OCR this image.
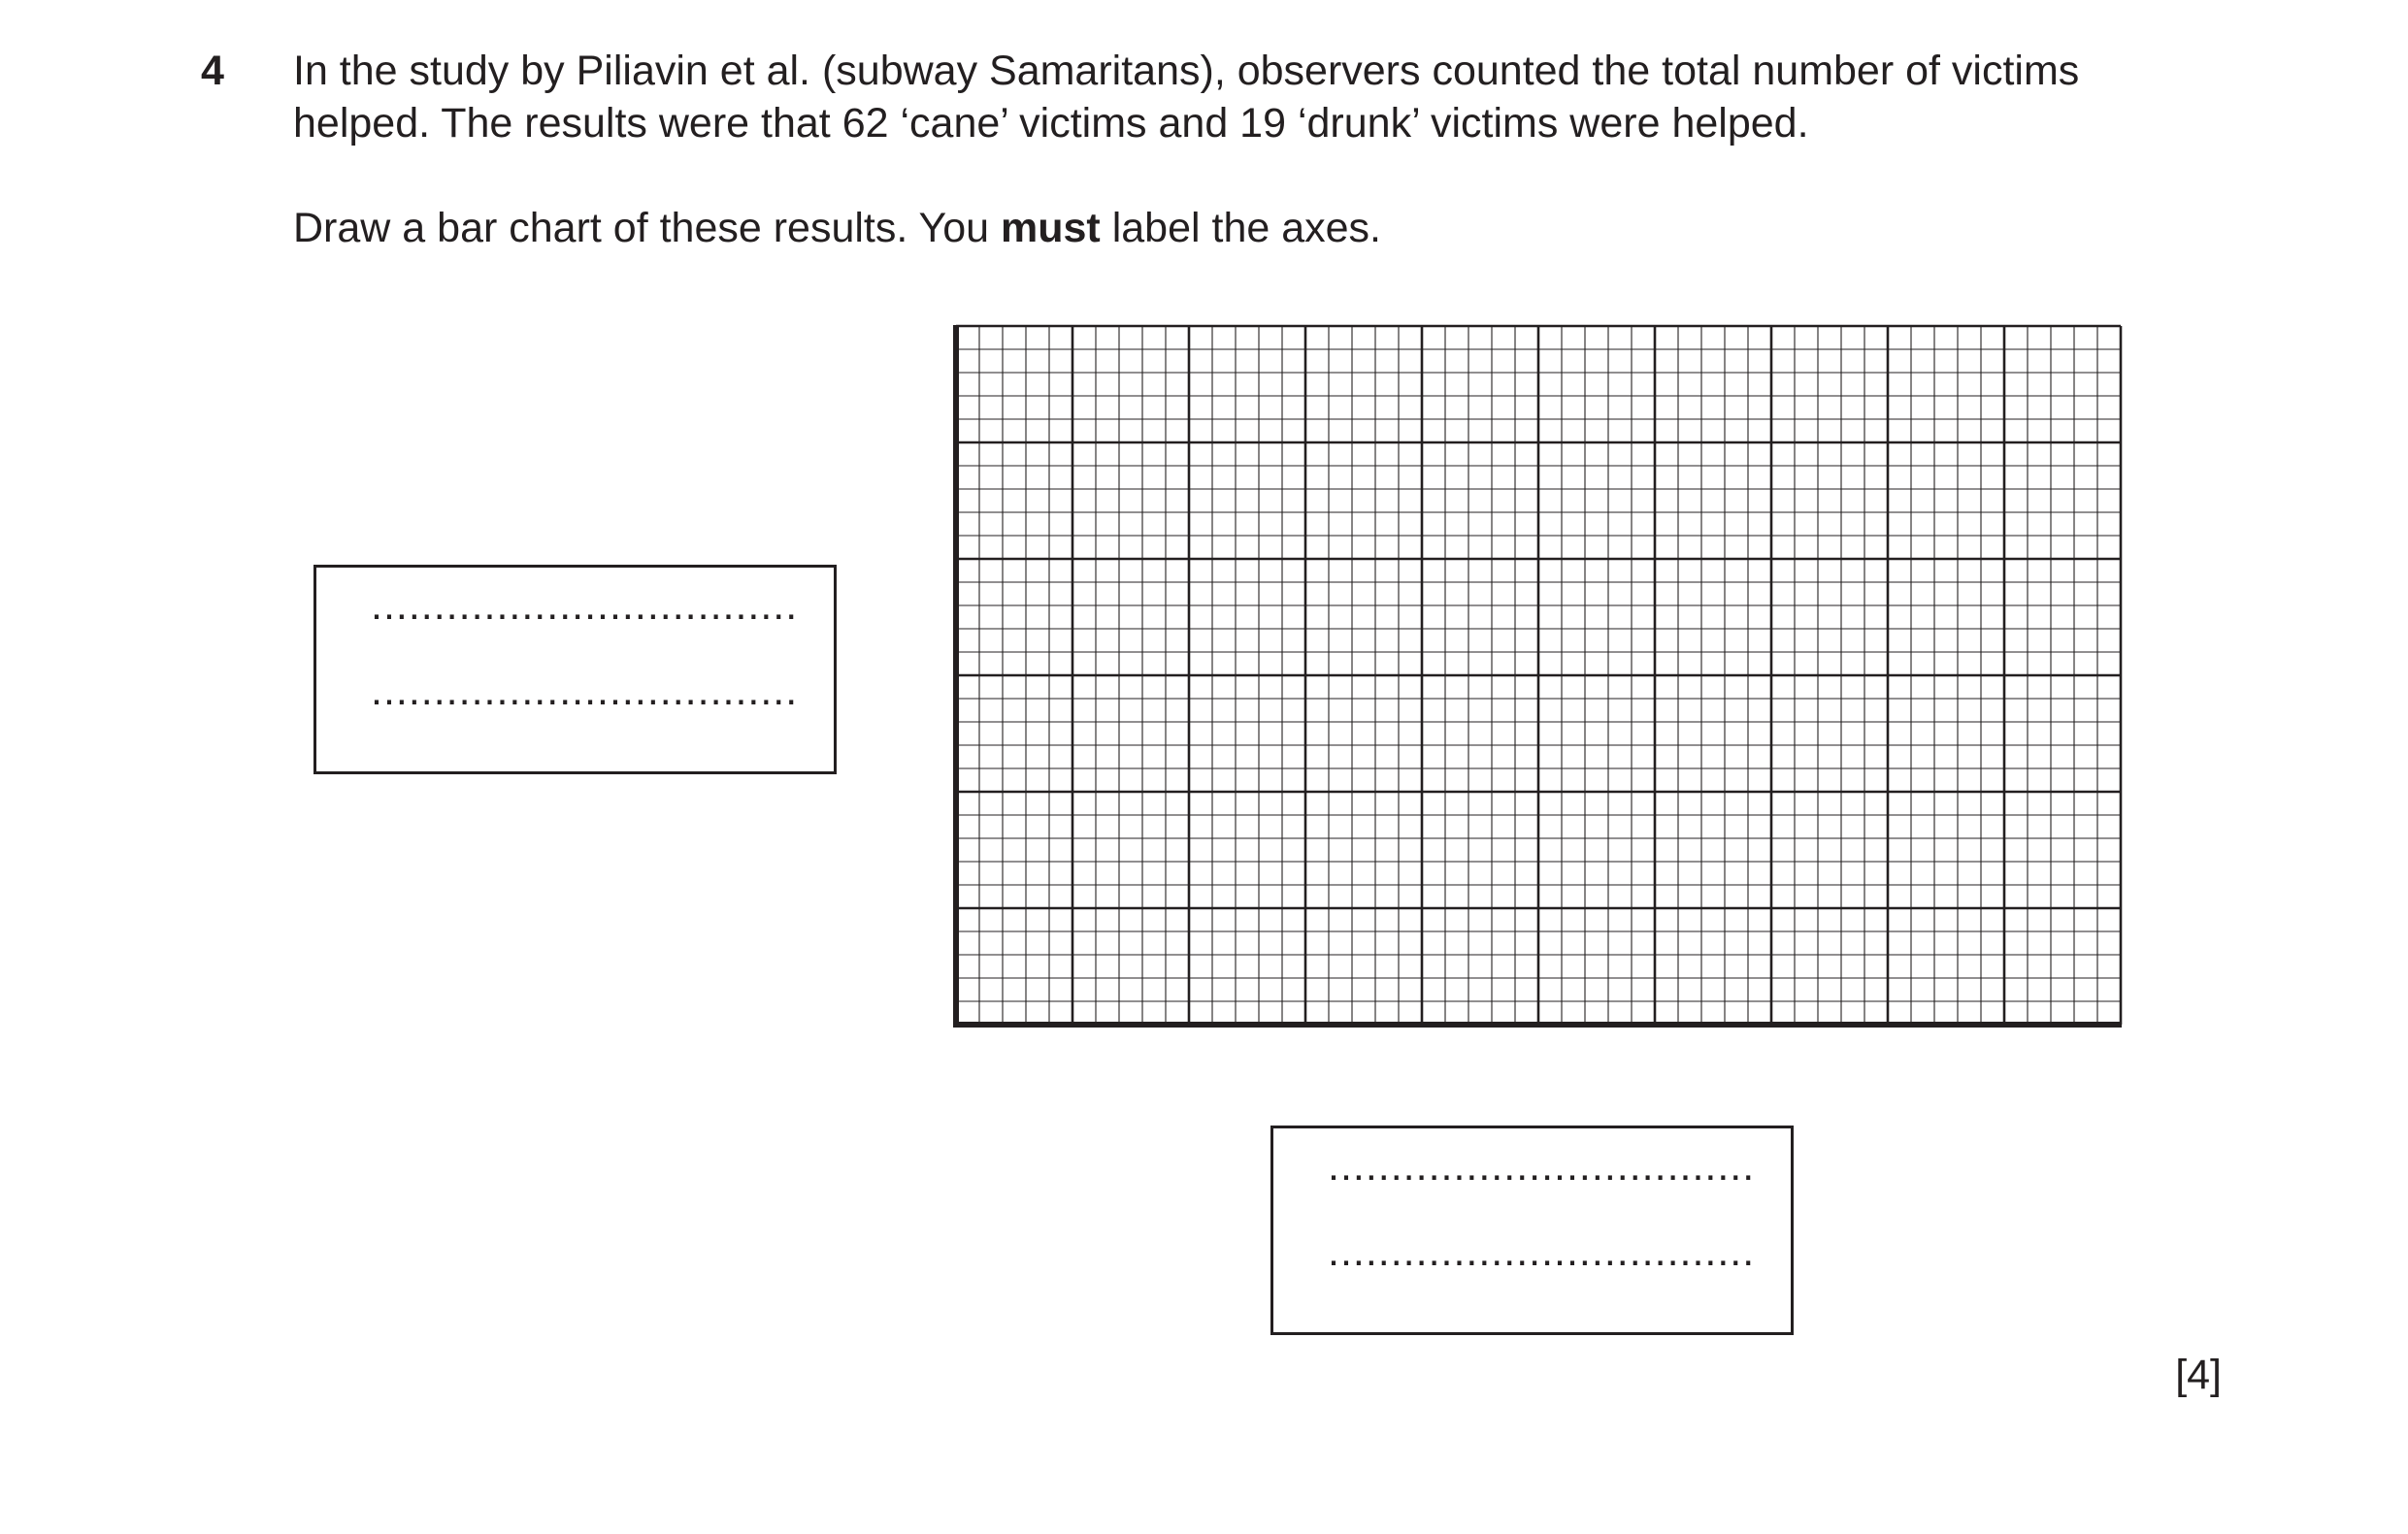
4 In the study by Piliavin et al. (subway Samaritans), observers counted the total number of victims
helped. The results were that 62 ‘cane’ victims and 19 ‘drunk’ victims were helped.

Draw a bar chart of these results. You must label the axes.

..................................
..................................
..................................
..................................
[4]
